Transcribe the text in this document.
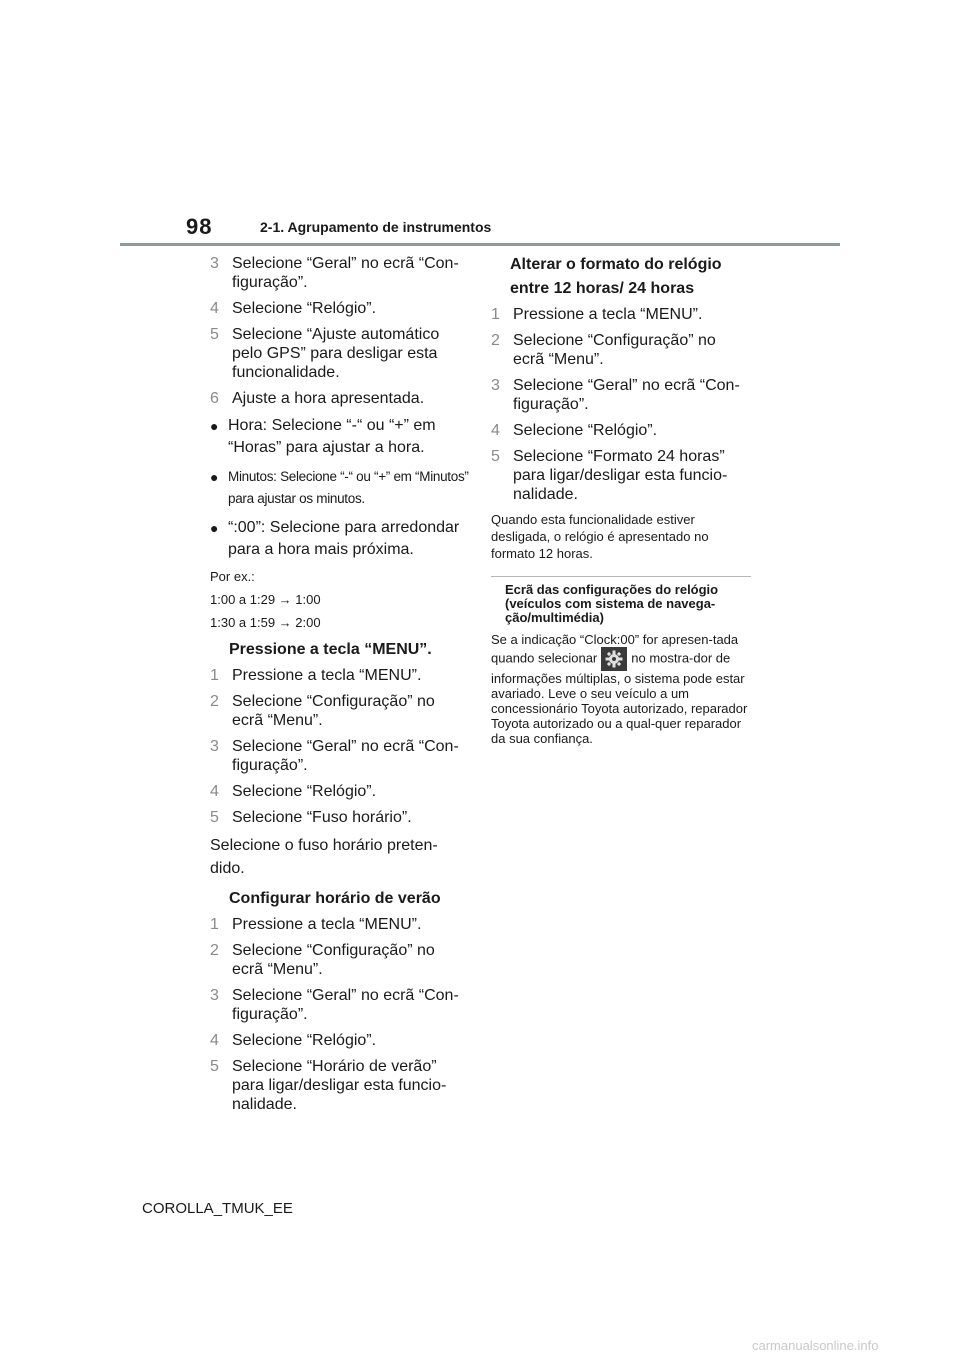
98	2-1. Agrupamento de instrumentos
3 Selecione “Geral” no ecrã “Con-figuração”.
4 Selecione “Relógio”.
5 Selecione “Ajuste automático pelo GPS” para desligar esta funcionalidade.
6 Ajuste a hora apresentada.
● Hora: Selecione “-“ ou “+” em “Horas” para ajustar a hora.
● Minutos: Selecione “-“ ou “+” em “Minutos” para ajustar os minutos.
● “:00”: Selecione para arredondar para a hora mais próxima.
Por ex.:
1:00 a 1:29 → 1:00
1:30 a 1:59 → 2:00
Pressione a tecla “MENU”.
1 Pressione a tecla “MENU”.
2 Selecione “Configuração” no ecrã “Menu”.
3 Selecione “Geral” no ecrã “Con-figuração”.
4 Selecione “Relógio”.
5 Selecione “Fuso horário”.
Selecione o fuso horário preten-dido.
Configurar horário de verão
1 Pressione a tecla “MENU”.
2 Selecione “Configuração” no ecrã “Menu”.
3 Selecione “Geral” no ecrã “Con-figuração”.
4 Selecione “Relógio”.
5 Selecione “Horário de verão” para ligar/desligar esta funcio-nalidade.
Alterar o formato do relógio
entre 12 horas/ 24 horas
1 Pressione a tecla “MENU”.
2 Selecione “Configuração” no ecrã “Menu”.
3 Selecione “Geral” no ecrã “Con-figuração”.
4 Selecione “Relógio”.
5 Selecione “Formato 24 horas” para ligar/desligar esta funcio-nalidade.
Quando esta funcionalidade estiver desligada, o relógio é apresentado no formato 12 horas.
Ecrã das configurações do relógio (veículos com sistema de navega-ção/multimédia)
Se a indicação “Clock:00” for apresen-tada quando selecionar	no mostra-dor de informações múltiplas, o sistema pode estar avariado. Leve o seu veículo a um concessionário Toyota autorizado, reparador Toyota autorizado ou a qual-quer reparador da sua confiança.
COROLLA_TMUK_EE
carmanualsonline.info
